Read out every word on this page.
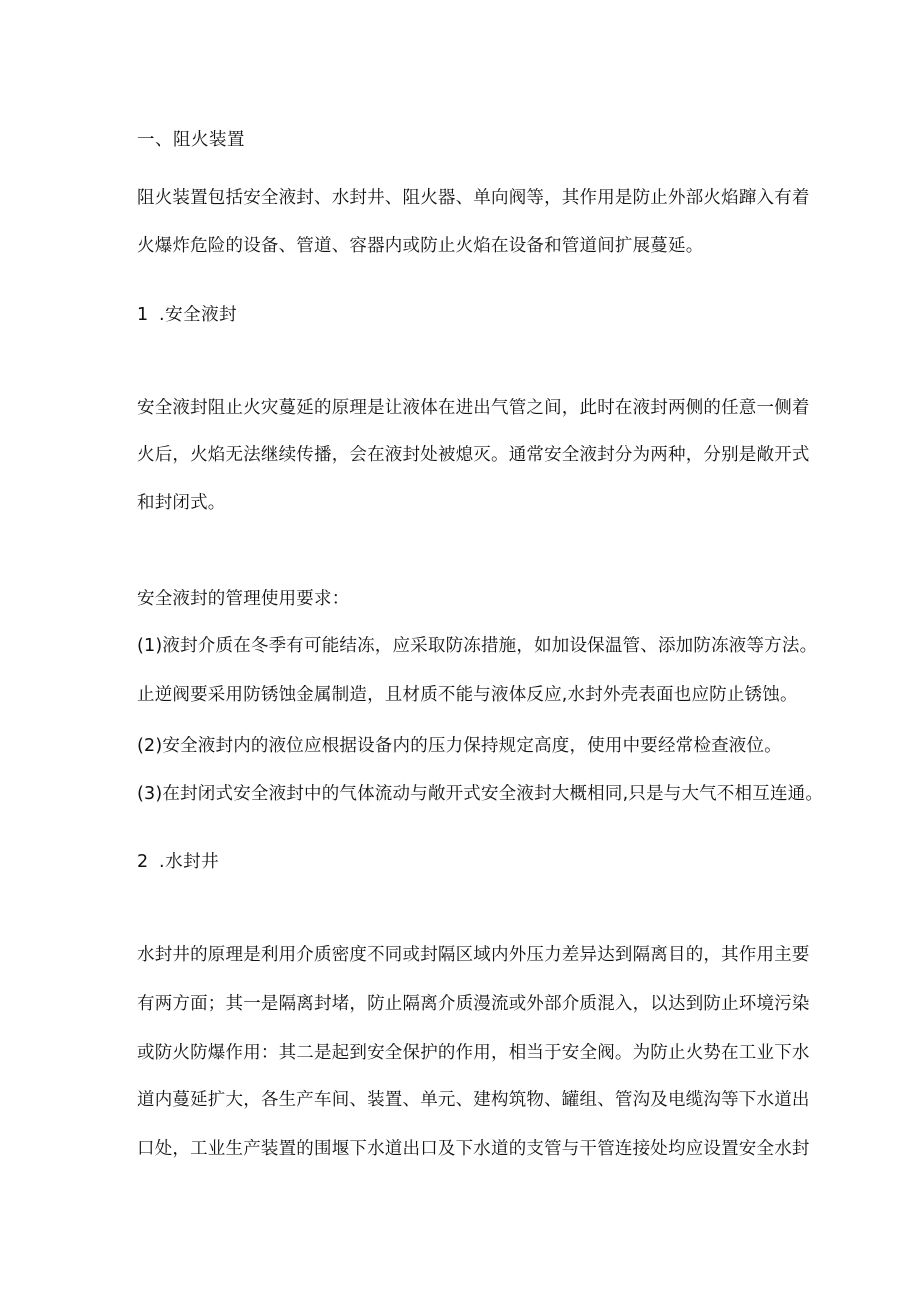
一、阻火装置
阻火装置包括安全液封、水封井、阻火器、单向阀等，其作用是防止外部火焰蹿入有着
火爆炸危险的设备、管道、容器内或防止火焰在设备和管道间扩展蔓延。
1 .安全液封
安全液封阻止火灾蔓延的原理是让液体在进出气管之间，此时在液封两侧的任意一侧着
火后，火焰无法继续传播，会在液封处被熄灭。通常安全液封分为两种，分别是敞开式
和封闭式。
安全液封的管理使用要求：
(1)液封介质在冬季有可能结冻，应采取防冻措施，如加设保温管、添加防冻液等方法。
止逆阀要采用防锈蚀金属制造，且材质不能与液体反应,水封外壳表面也应防止锈蚀。
(2)安全液封内的液位应根据设备内的压力保持规定高度，使用中要经常检查液位。
(3)在封闭式安全液封中的气体流动与敞开式安全液封大概相同,只是与大气不相互连通。
2 .水封井
水封井的原理是利用介质密度不同或封隔区域内外压力差异达到隔离目的，其作用主要
有两方面；其一是隔离封堵，防止隔离介质漫流或外部介质混入，以达到防止环境污染
或防火防爆作用：其二是起到安全保护的作用，相当于安全阀。为防止火势在工业下水
道内蔓延扩大，各生产车间、装置、单元、建构筑物、罐组、管沟及电缆沟等下水道出
口处，工业生产装置的围堰下水道出口及下水道的支管与干管连接处均应设置安全水封
